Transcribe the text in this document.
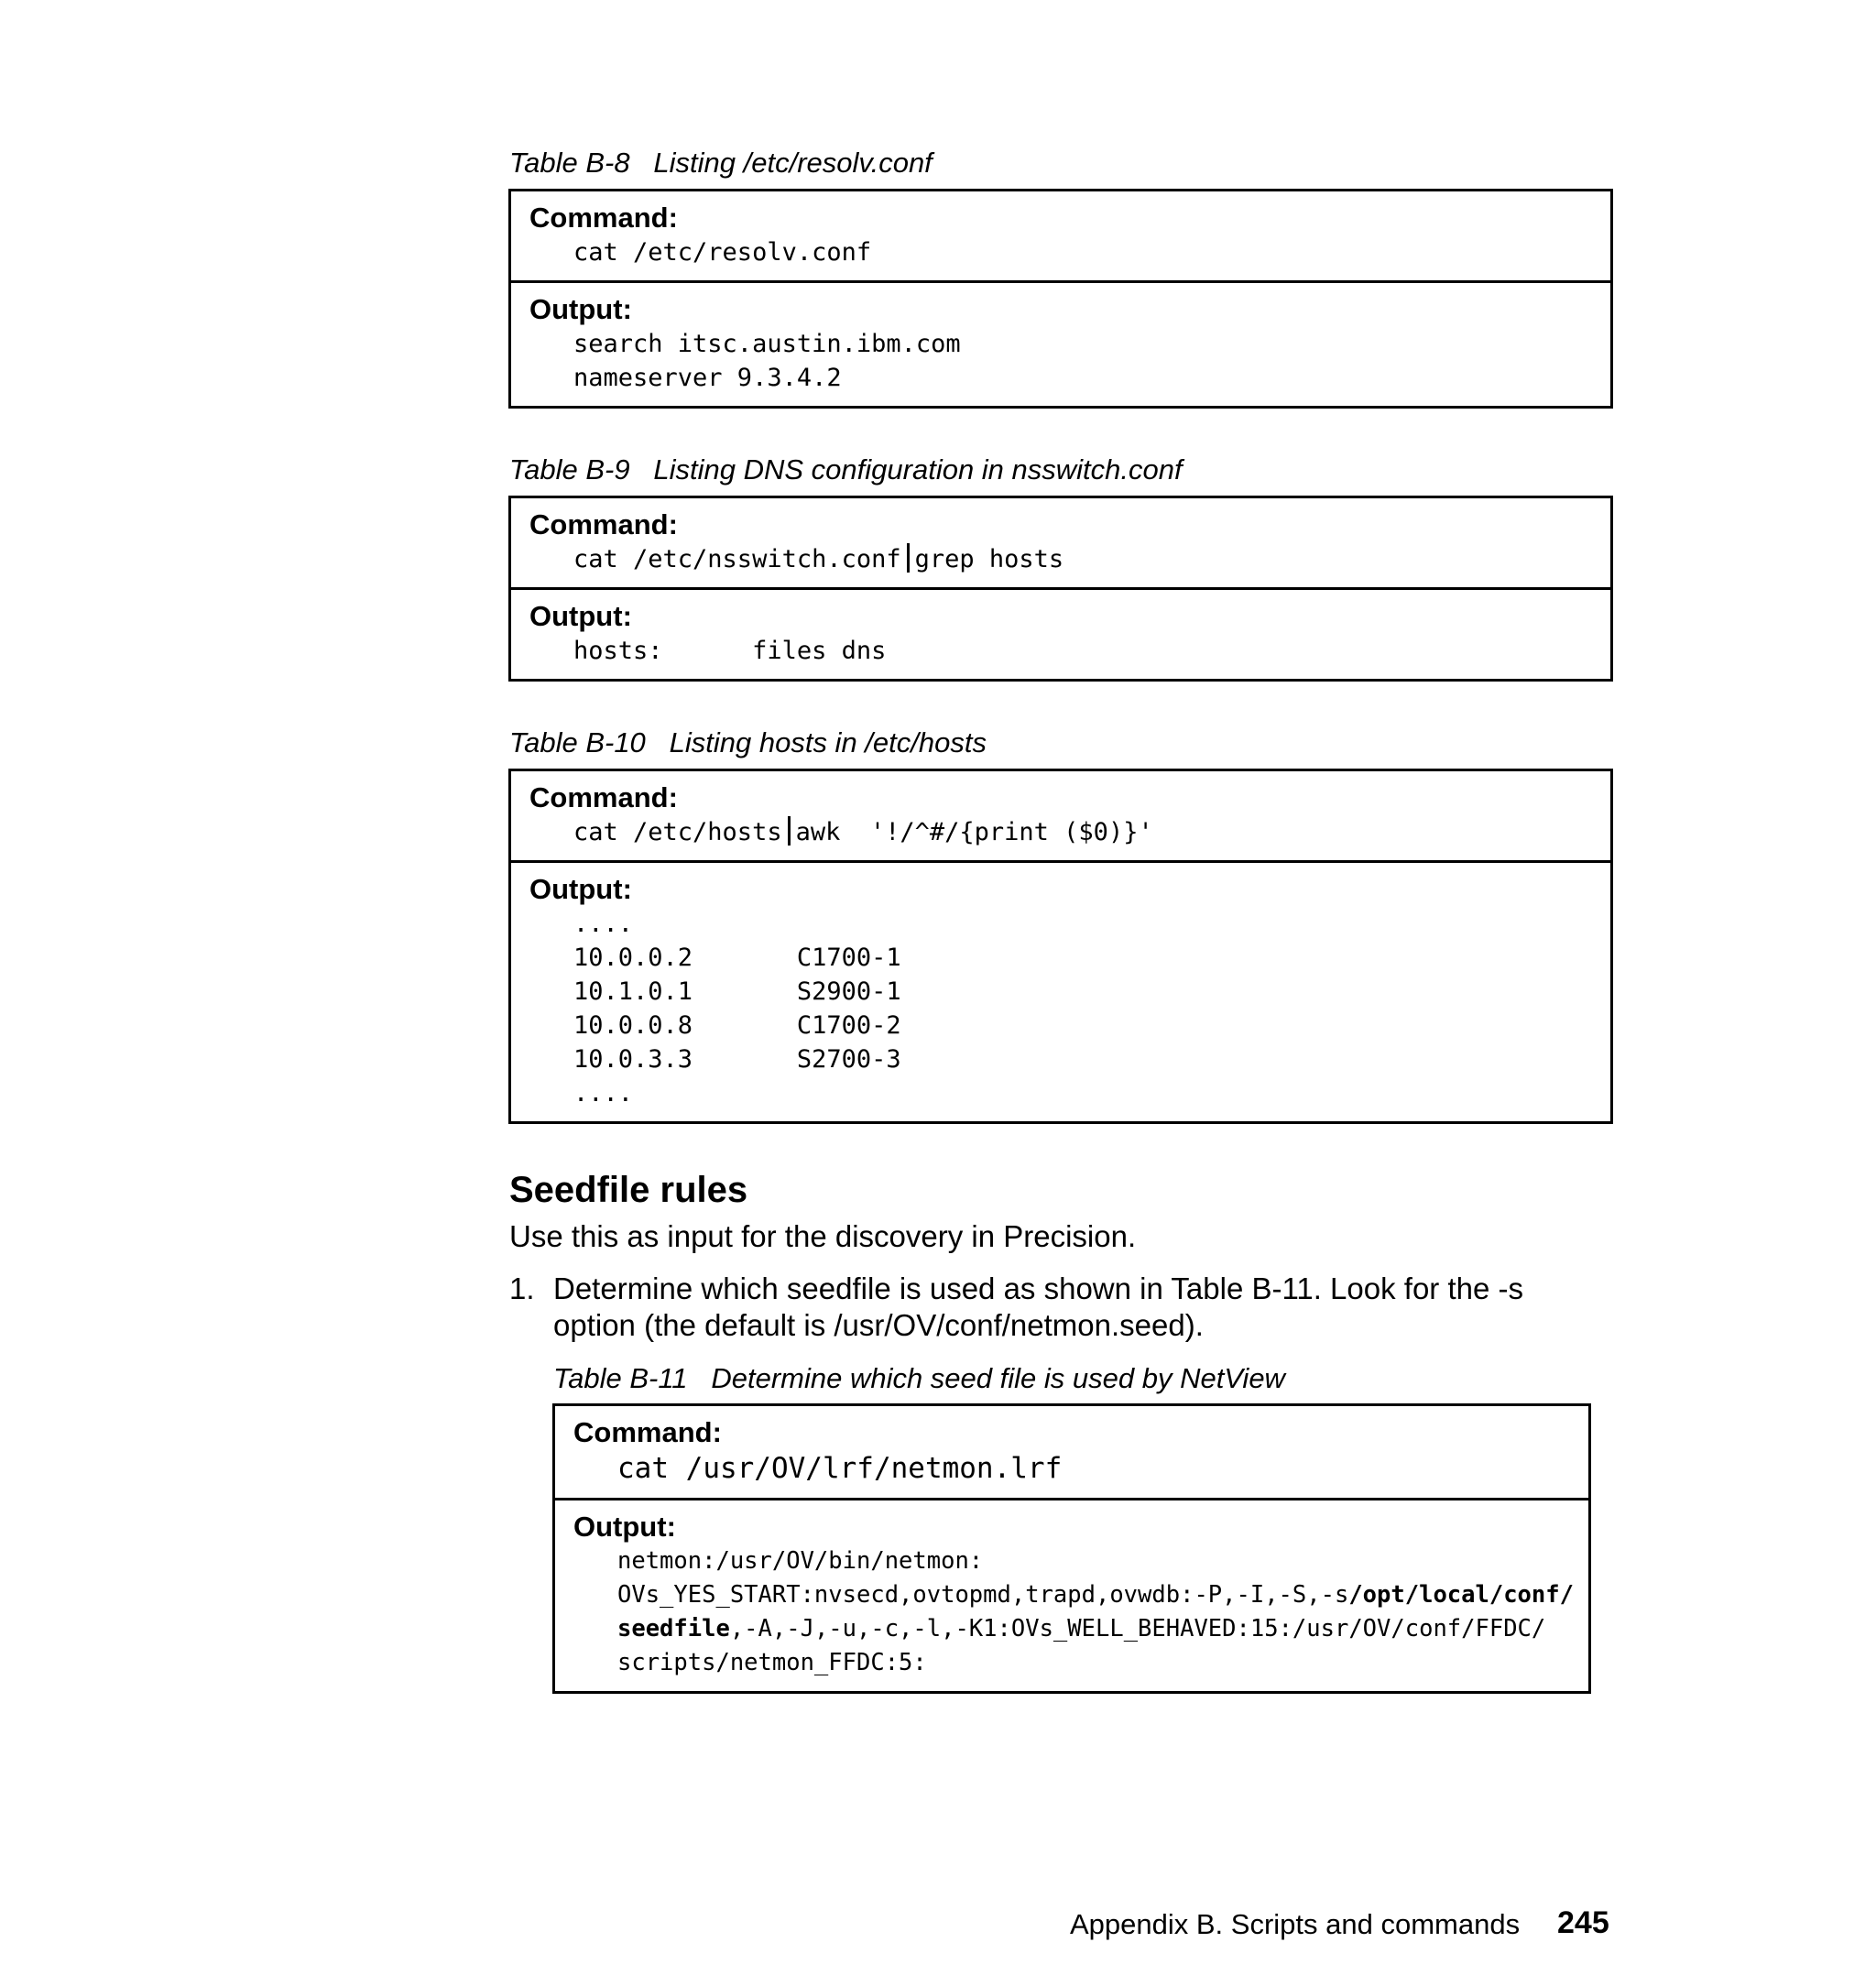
Table B-8   Listing /etc/resolv.conf
Command:
cat /etc/resolv.conf
Output:
search itsc.austin.ibm.com
nameserver 9.3.4.2
Table B-9   Listing DNS configuration in nsswitch.conf
Command:
cat /etc/nsswitch.conf grep hosts
Output:
hosts:      files dns
Table B-10   Listing hosts in /etc/hosts
Command:
cat /etc/hosts awk  '!/^#/{print ($0)}'
Output:
....
10.0.0.2       C1700-1
10.1.0.1       S2900-1
10.0.0.8       C1700-2
10.0.3.3       S2700-3
....
Seedfile rules
Use this as input for the discovery in Precision.
1. Determine which seedfile is used as shown in Table B-11. Look for the -s
option (the default is /usr/OV/conf/netmon.seed).
Table B-11   Determine which seed file is used by NetView
Command:
cat /usr/OV/lrf/netmon.lrf
Output:
netmon:/usr/OV/bin/netmon:
OVs_YES_START:nvsecd,ovtopmd,trapd,ovwdb:-P,-I,-S,-s/opt/local/conf/
seedfile,-A,-J,-u,-c,-l,-K1:OVs_WELL_BEHAVED:15:/usr/OV/conf/FFDC/
scripts/netmon_FFDC:5:
Appendix B. Scripts and commands 245
